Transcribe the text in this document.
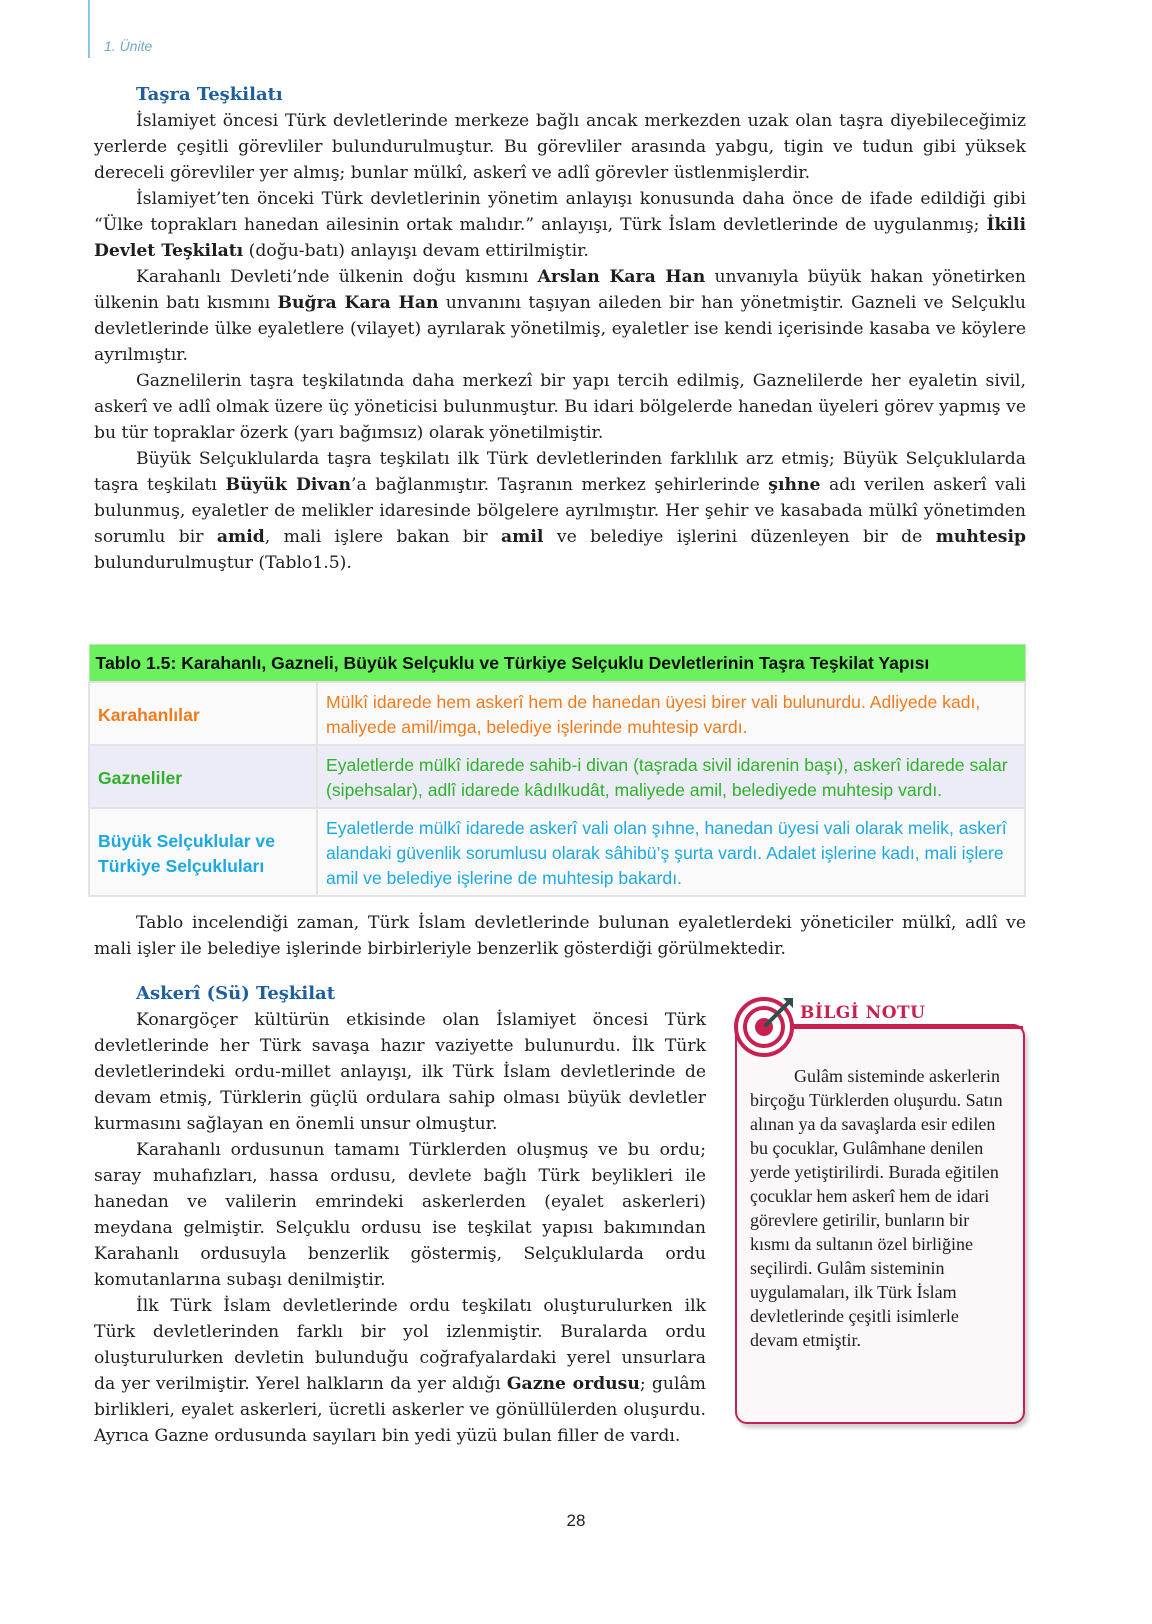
1. Ünite
Taşra Teşkilatı

İslamiyet öncesi Türk devletlerinde merkeze bağlı ancak merkezden uzak olan taşra diyebileceğimiz yerlerde çeşitli görevliler bulundurulmuştur. Bu görevliler arasında yabgu, tigin ve tudun gibi yüksek dereceli görevliler yer almış; bunlar mülkî, askerî ve adlî görevler üstlenmişlerdir.

İslamiyet’ten önceki Türk devletlerinin yönetim anlayışı konusunda daha önce de ifade edildiği gibi “Ülke toprakları hanedan ailesinin ortak malıdır.” anlayışı, Türk İslam devletlerinde de uygulanmış; İkili Devlet Teşkilatı (doğu-batı) anlayışı devam ettirilmiştir.

Karahanlı Devleti’nde ülkenin doğu kısmını Arslan Kara Han unvanıyla büyük hakan yönetirken ülkenin batı kısmını Buğra Kara Han unvanını taşıyan aileden bir han yönetmiştir. Gazneli ve Selçuklu devletlerinde ülke eyaletlere (vilayet) ayrılarak yönetilmiş, eyaletler ise kendi içerisinde kasaba ve köylere ayrılmıştır.

Gaznelilerin taşra teşkilatında daha merkezî bir yapı tercih edilmiş, Gaznelilerde her eyaletin sivil, askerî ve adlî olmak üzere üç yöneticisi bulunmuştur. Bu idari bölgelerde hanedan üyeleri görev yapmış ve bu tür topraklar özerk (yarı bağımsız) olarak yönetilmiştir.

Büyük Selçuklularda taşra teşkilatı ilk Türk devletlerinden farklılık arz etmiş; Büyük Selçuklularda taşra teşkilatı Büyük Divan’a bağlanmıştır. Taşranın merkez şehirlerinde şıhne adı verilen askerî vali bulunmuş, eyaletler de melikler idaresinde bölgelere ayrılmıştır. Her şehir ve kasabada mülkî yönetimden sorumlu bir amid, mali işlere bakan bir amil ve belediye işlerini düzenleyen bir de muhtesip bulundurulmuştur (Tablo1.5).

Tablo 1.5: Karahanlı, Gazneli, Büyük Selçuklu ve Türkiye Selçuklu Devletlerinin Taşra Teşkilat Yapısı	
Karahanlılar	Mülkî idarede hem askerî hem de hanedan üyesi birer vali bulunurdu. Adliyede kadı, maliyede amil/imga, belediye işlerinde muhtesip vardı.
Gazneliler	Eyaletlerde mülkî idarede sahib-i divan (taşrada sivil idarenin başı), askerî idarede salar (sipehsalar), adlî idarede kâdılkudât, maliyede amil, belediyede muhtesip vardı.
Büyük Selçuklular ve Türkiye Selçukluları	Eyaletlerde mülkî idarede askerî vali olan şıhne, hanedan üyesi vali olarak melik, askerî alandaki güvenlik sorumlusu olarak sâhibü’ş şurta vardı. Adalet işlerine kadı, mali işlere amil ve belediye işlerine de muhtesip bakardı.

Tablo incelendiği zaman, Türk İslam devletlerinde bulunan eyaletlerdeki yöneticiler mülkî, adlî ve mali işler ile belediye işlerinde birbirleriyle benzerlik gösterdiği görülmektedir.

Askerî (Sü) Teşkilat

Konargöçer kültürün etkisinde olan İslamiyet öncesi Türk devletlerinde her Türk savaşa hazır vaziyette bulunurdu. İlk Türk devletlerindeki ordu-millet anlayışı, ilk Türk İslam devletlerinde de devam etmiş, Türklerin güçlü ordulara sahip olması büyük devletler kurmasını sağlayan en önemli unsur olmuştur.

Karahanlı ordusunun tamamı Türklerden oluşmuş ve bu ordu; saray muhafızları, hassa ordusu, devlete bağlı Türk beylikleri ile hanedan ve valilerin emrindeki askerlerden (eyalet askerleri) meydana gelmiştir. Selçuklu ordusu ise teşkilat yapısı bakımından Karahanlı ordusuyla benzerlik göstermiş, Selçuklularda ordu komutanlarına subaşı denilmiştir.

İlk Türk İslam devletlerinde ordu teşkilatı oluşturulurken ilk Türk devletlerinden farklı bir yol izlenmiştir. Buralarda ordu oluşturulurken devletin bulunduğu coğrafyalardaki yerel unsurlara da yer verilmiştir. Yerel halkların da yer aldığı Gazne ordusu; gulâm birlikleri, eyalet askerleri, ücretli askerler ve gönüllülerden oluşurdu. Ayrıca Gazne ordusunda sayıları bin yedi yüzü bulan filler de vardı.

BİLGİ NOTU

Gulâm sisteminde askerlerin birçoğu Türklerden oluşurdu. Satın alınan ya da savaşlarda esir edilen bu çocuklar, Gulâmhane denilen yerde yetiştirilirdi. Burada eğitilen çocuklar hem askerî hem de idari görevlere getirilir, bunların bir kısmı da sultanın özel birliğine seçilirdi. Gulâm sisteminin uygulamaları, ilk Türk İslam devletlerinde çeşitli isimlerle devam etmiştir.

28
